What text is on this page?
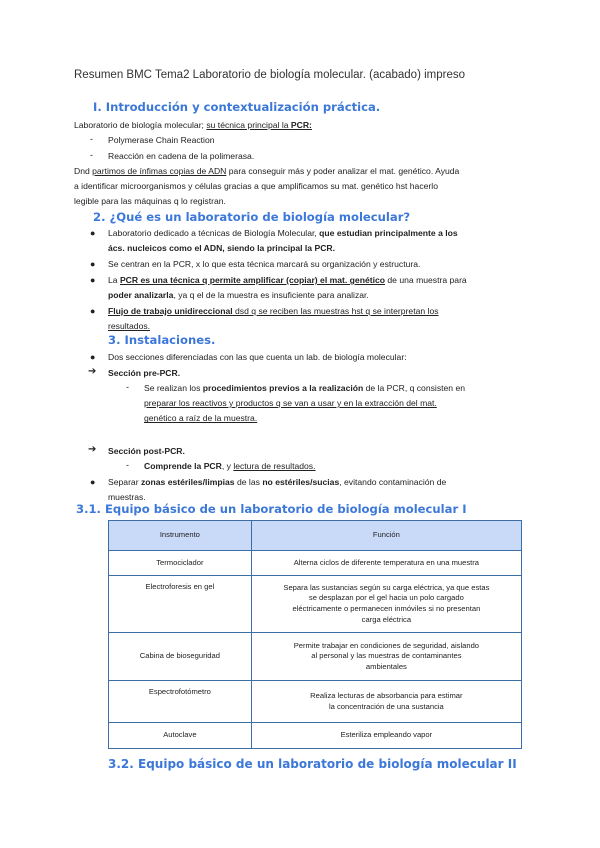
Resumen BMC Tema2 Laboratorio de biología molecular. (acabado) impreso
I. Introducción y contextualización práctica.
Laboratorio de biología molecular; su técnica principal la PCR:
- Polymerase Chain Reaction
- Reacción en cadena de la polimerasa.
Dnd partimos de ínfimas copias de ADN para conseguir más y poder analizar el mat. genético. Ayuda
a identificar microorganismos y células gracias a que amplificamos su mat. genético hst hacerlo
legible para las máquinas q lo registran.
2. ¿Qué es un laboratorio de biología molecular?
● Laboratorio dedicado a técnicas de Biología Molecular, que estudian principalmente a los
ács. nucleicos como el ADN, siendo la principal la PCR.
● Se centran en la PCR, x lo que esta técnica marcará su organización y estructura.
● La PCR es una técnica q permite amplificar (copiar) el mat. genético de una muestra para
poder analizarla, ya q el de la muestra es insuficiente para analizar.
● Flujo de trabajo unidireccional dsd q se reciben las muestras hst q se interpretan los
resultados.
3. Instalaciones.
● Dos secciones diferenciadas con las que cuenta un lab. de biología molecular:
➔ Sección pre-PCR.
- Se realizan los procedimientos previos a la realización de la PCR, q consisten en
preparar los reactivos y productos q se van a usar y en la extracción del mat.
genético a raíz de la muestra.
➔ Sección post-PCR.
- Comprende la PCR, y lectura de resultados.
● Separar zonas estériles/limpias de las no estériles/sucias, evitando contaminación de
muestras.
3.1. Equipo básico de un laboratorio de biología molecular I
Instrumento	Función
Termociclador	Alterna ciclos de diferente temperatura en una muestra

Electroforesis en gel	Separa las sustancias según su carga eléctrica, ya que estas
se desplazan por el gel hacia un polo cargado
eléctricamente o permanecen inmóviles si no presentan
carga eléctrica

Cabina de bioseguridad	Permite trabajar en condiciones de seguridad, aislando
al personal y las muestras de contaminantes
ambientales

Espectrofotómetro	Realiza lecturas de absorbancia para estimar
la concentración de una sustancia

Autoclave	Esteriliza empleando vapor
3.2. Equipo básico de un laboratorio de biología molecular II
